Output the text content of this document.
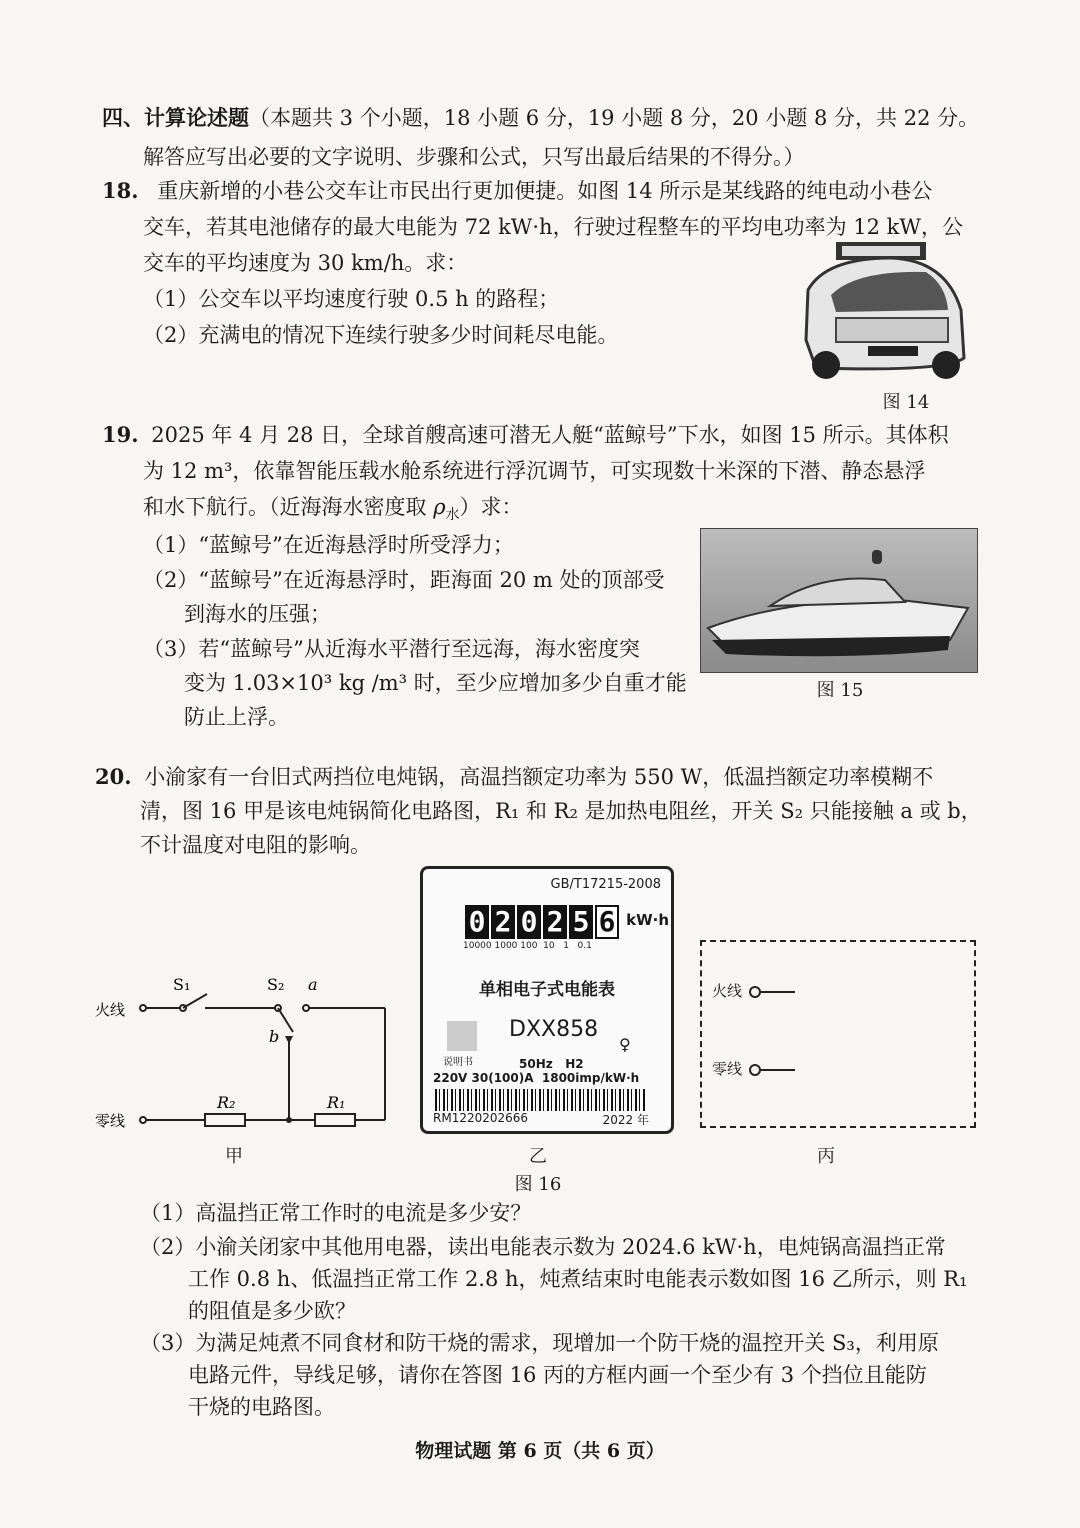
四、计算论述题（本题共 3 个小题，18 小题 6 分，19 小题 8 分，20 小题 8 分，共 22 分。
解答应写出必要的文字说明、步骤和公式，只写出最后结果的不得分。）
18. 重庆新增的小巷公交车让市民出行更加便捷。如图 14 所示是某线路的纯电动小巷公
交车，若其电池储存的最大电能为 72 kW·h，行驶过程整车的平均电功率为 12 kW，公
交车的平均速度为 30 km/h。求：
（1）公交车以平均速度行驶 0.5 h 的路程；
（2）充满电的情况下连续行驶多少时间耗尽电能。
图 14
19. 2025 年 4 月 28 日，全球首艘高速可潜无人艇“蓝鲸号”下水，如图 15 所示。其体积
为 12 m³，依靠智能压载水舱系统进行浮沉调节，可实现数十米深的下潜、静态悬浮
和水下航行。（近海海水密度取 $\rho_水$）求：
（1）“蓝鲸号”在近海悬浮时所受浮力；
（2）“蓝鲸号”在近海悬浮时，距海面 20 m 处的顶部受
到海水的压强；
（3）若“蓝鲸号”从近海水平潜行至远海，海水密度突
变为 1.03×10³ kg /m³ 时，至少应增加多少自重才能
防止上浮。
图 15
20. 小渝家有一台旧式两挡位电炖锅，高温挡额定功率为 550 W，低温挡额定功率模糊不
清，图 16 甲是该电炖锅简化电路图，R₁ 和 R₂ 是加热电阻丝，开关 S₂ 只能接触 a 或 b，
不计温度对电阻的影响。
火线
零线
S₁	S₂ a
b
R₂	R₁
甲
GB/T17215-2008
0 2 0 2 5 6 kW·h
10000 1000 100  10   1   0.1
单相电子式电能表
说明书
DXX858
♀
50Hz   H2
220V 30(100)A  1800imp/kW·h
RM1220202666	2022 年
乙
火线
零线
丙
图 16
（1）高温挡正常工作时的电流是多少安？
（2）小渝关闭家中其他用电器，读出电能表示数为 2024.6 kW·h，电炖锅高温挡正常
工作 0.8 h、低温挡正常工作 2.8 h，炖煮结束时电能表示数如图 16 乙所示，则 R₁
的阻值是多少欧？
（3）为满足炖煮不同食材和防干烧的需求，现增加一个防干烧的温控开关 S₃，利用原
电路元件，导线足够，请你在答图 16 丙的方框内画一个至少有 3 个挡位且能防
干烧的电路图。
物理试题 第 6 页（共 6 页）
